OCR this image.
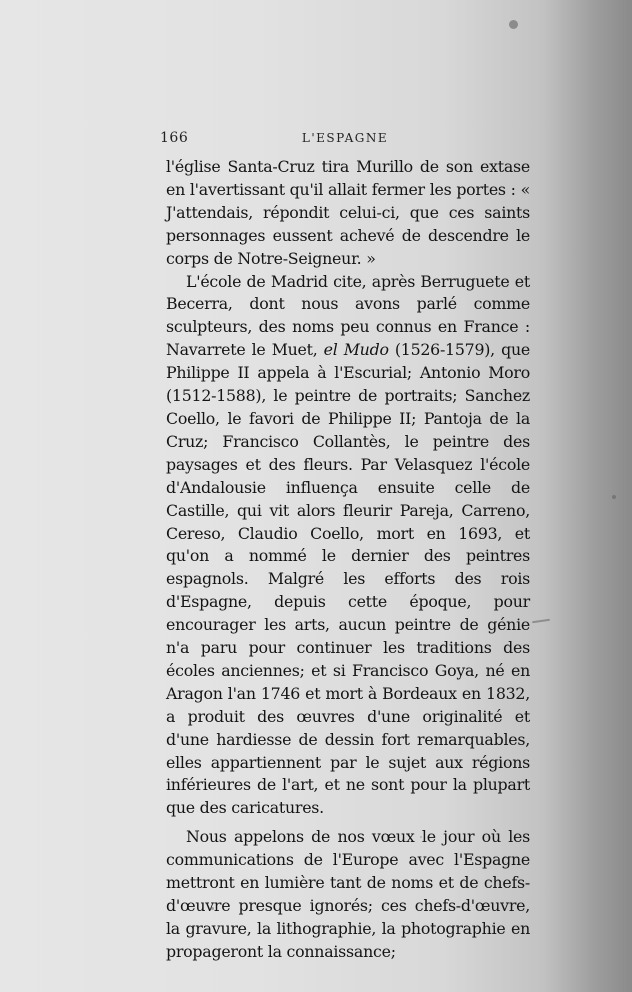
166	L'ESPAGNE

l'église Santa-Cruz tira Murillo de son extase en l'avertissant qu'il allait fermer les portes : « J'attendais, répondit celui-ci, que ces saints personnages eussent achevé de descendre le corps de Notre-Seigneur. »

L'école de Madrid cite, après Berruguete et Becerra, dont nous avons parlé comme sculpteurs, des noms peu connus en France : Navarrete le Muet, el Mudo (1526-1579), que Philippe II appela à l'Escurial; Antonio Moro (1512-1588), le peintre de portraits; Sanchez Coello, le favori de Philippe II; Pantoja de la Cruz; Francisco Collantès, le peintre des paysages et des fleurs. Par Velasquez l'école d'Andalousie influença ensuite celle de Castille, qui vit alors fleurir Pareja, Carreno, Cereso, Claudio Coello, mort en 1693, et qu'on a nommé le dernier des peintres espagnols. Malgré les efforts des rois d'Espagne, depuis cette époque, pour encourager les arts, aucun peintre de génie n'a paru pour continuer les traditions des écoles anciennes; et si Francisco Goya, né en Aragon l'an 1746 et mort à Bordeaux en 1832, a produit des œuvres d'une originalité et d'une hardiesse de dessin fort remarquables, elles appartiennent par le sujet aux régions inférieures de l'art, et ne sont pour la plupart que des caricatures.

Nous appelons de nos vœux le jour où les communications de l'Europe avec l'Espagne mettront en lumière tant de noms et de chefs-d'œuvre presque ignorés; ces chefs-d'œuvre, la gravure, la lithographie, la photographie en propageront la connaissance;
